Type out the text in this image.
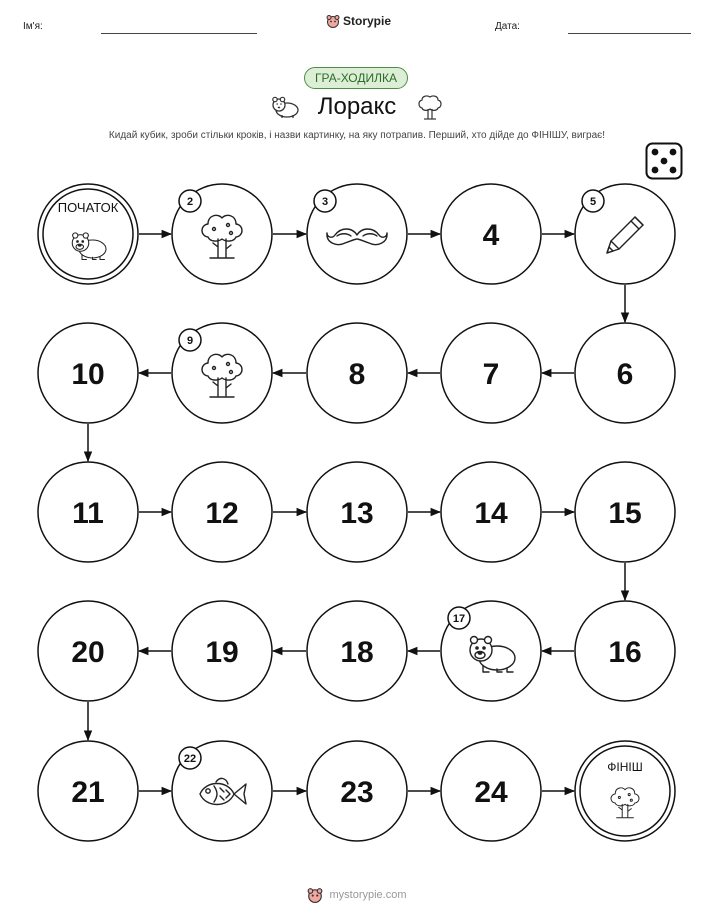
Ім'я:	Storypie	Дата:
ГРА-ХОДИЛКА
Лоракс
Кидай кубик, зроби стільки кроків, і назви картинку, на яку потрапив. Перший, хто дійде до ФІНІШУ, виграє!
ПОЧАТОК	2	3
4
5
6
7
8
9
10
11	12	13	14	15
16
17
18
19
20
21
22
23	24
ФІНІШ
mystorypie.com
